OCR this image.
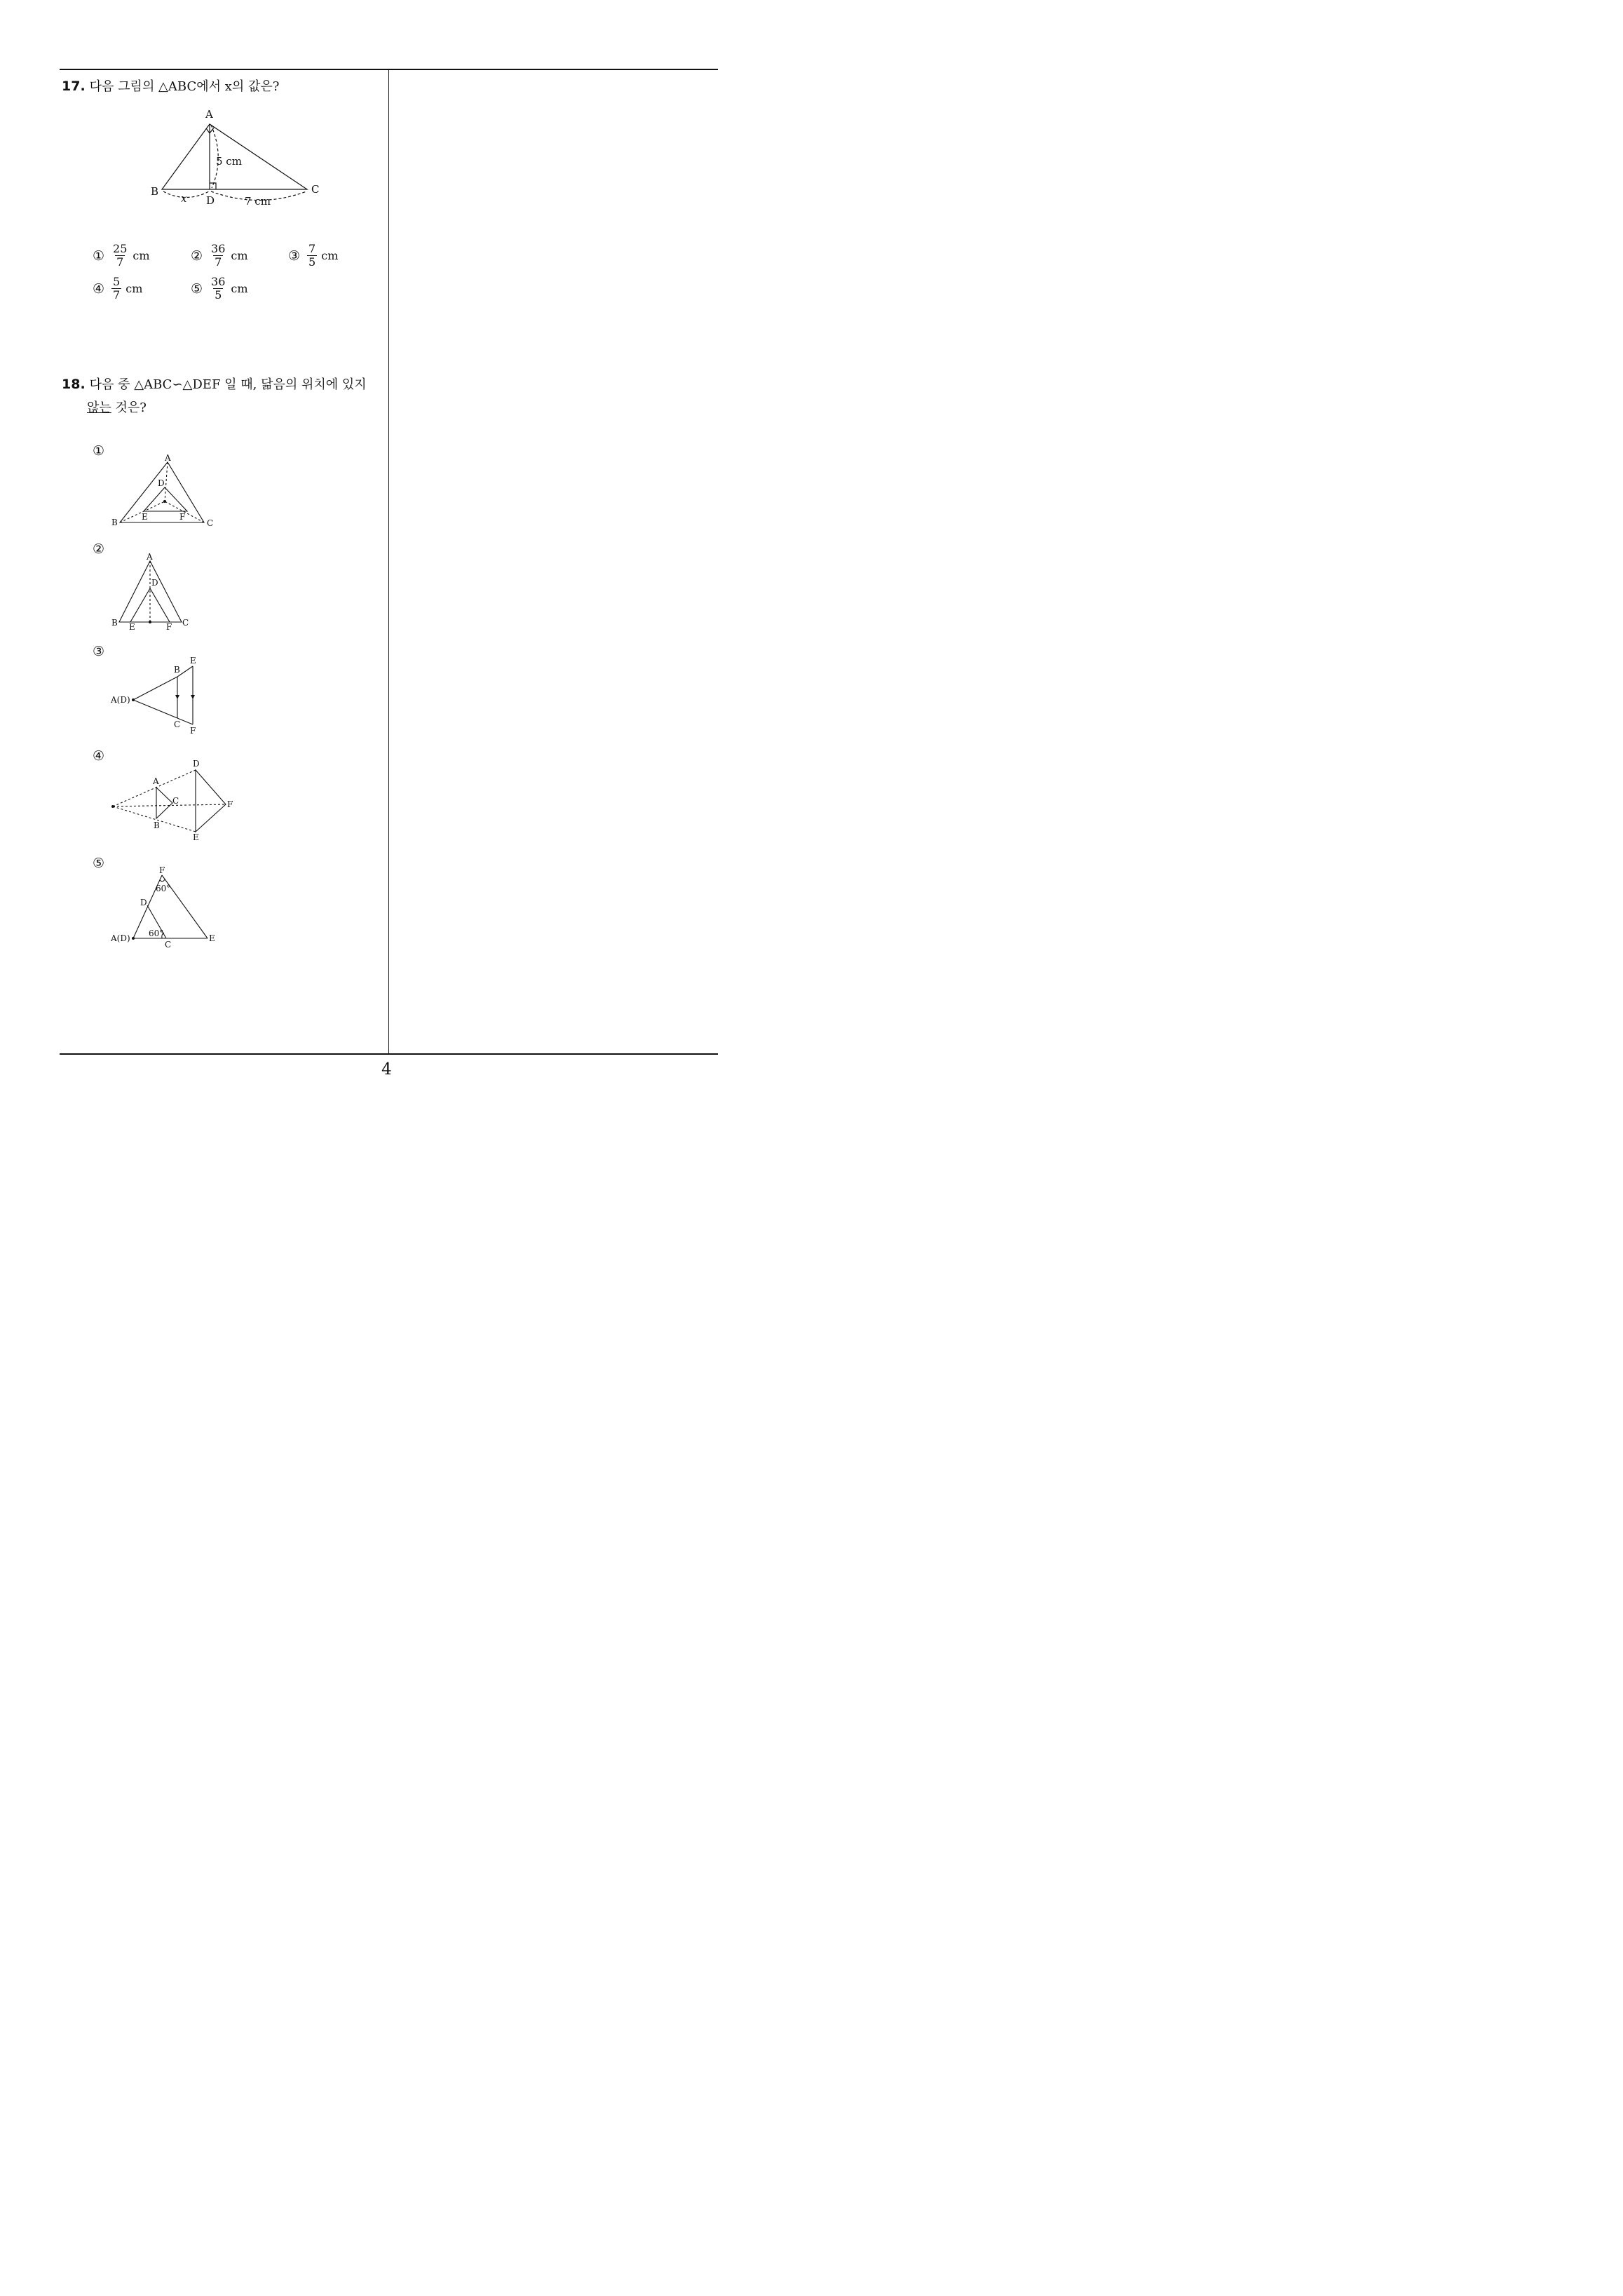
17. 다음 그림의 △ABC에서 x의 값은?
A
B	C
D
5 cm
x	7 cm
① $\frac{25}{7}$ cm	② $\frac{36}{7}$ cm	③ $\frac{7}{5}$ cm
④ $\frac{5}{7}$ cm	⑤ $\frac{36}{5}$ cm
18. 다음 중 △ABC∽△DEF 일 때, 닮음의 위치에 있지
않는 것은?
①	A
B	C
D
E	F
②	A
B	C
D
E	F
③
A(D)
B
C
E
F
④
A
B
C
D
E
F
⑤
A(D)
C
D
E
F
60°
60°
4
